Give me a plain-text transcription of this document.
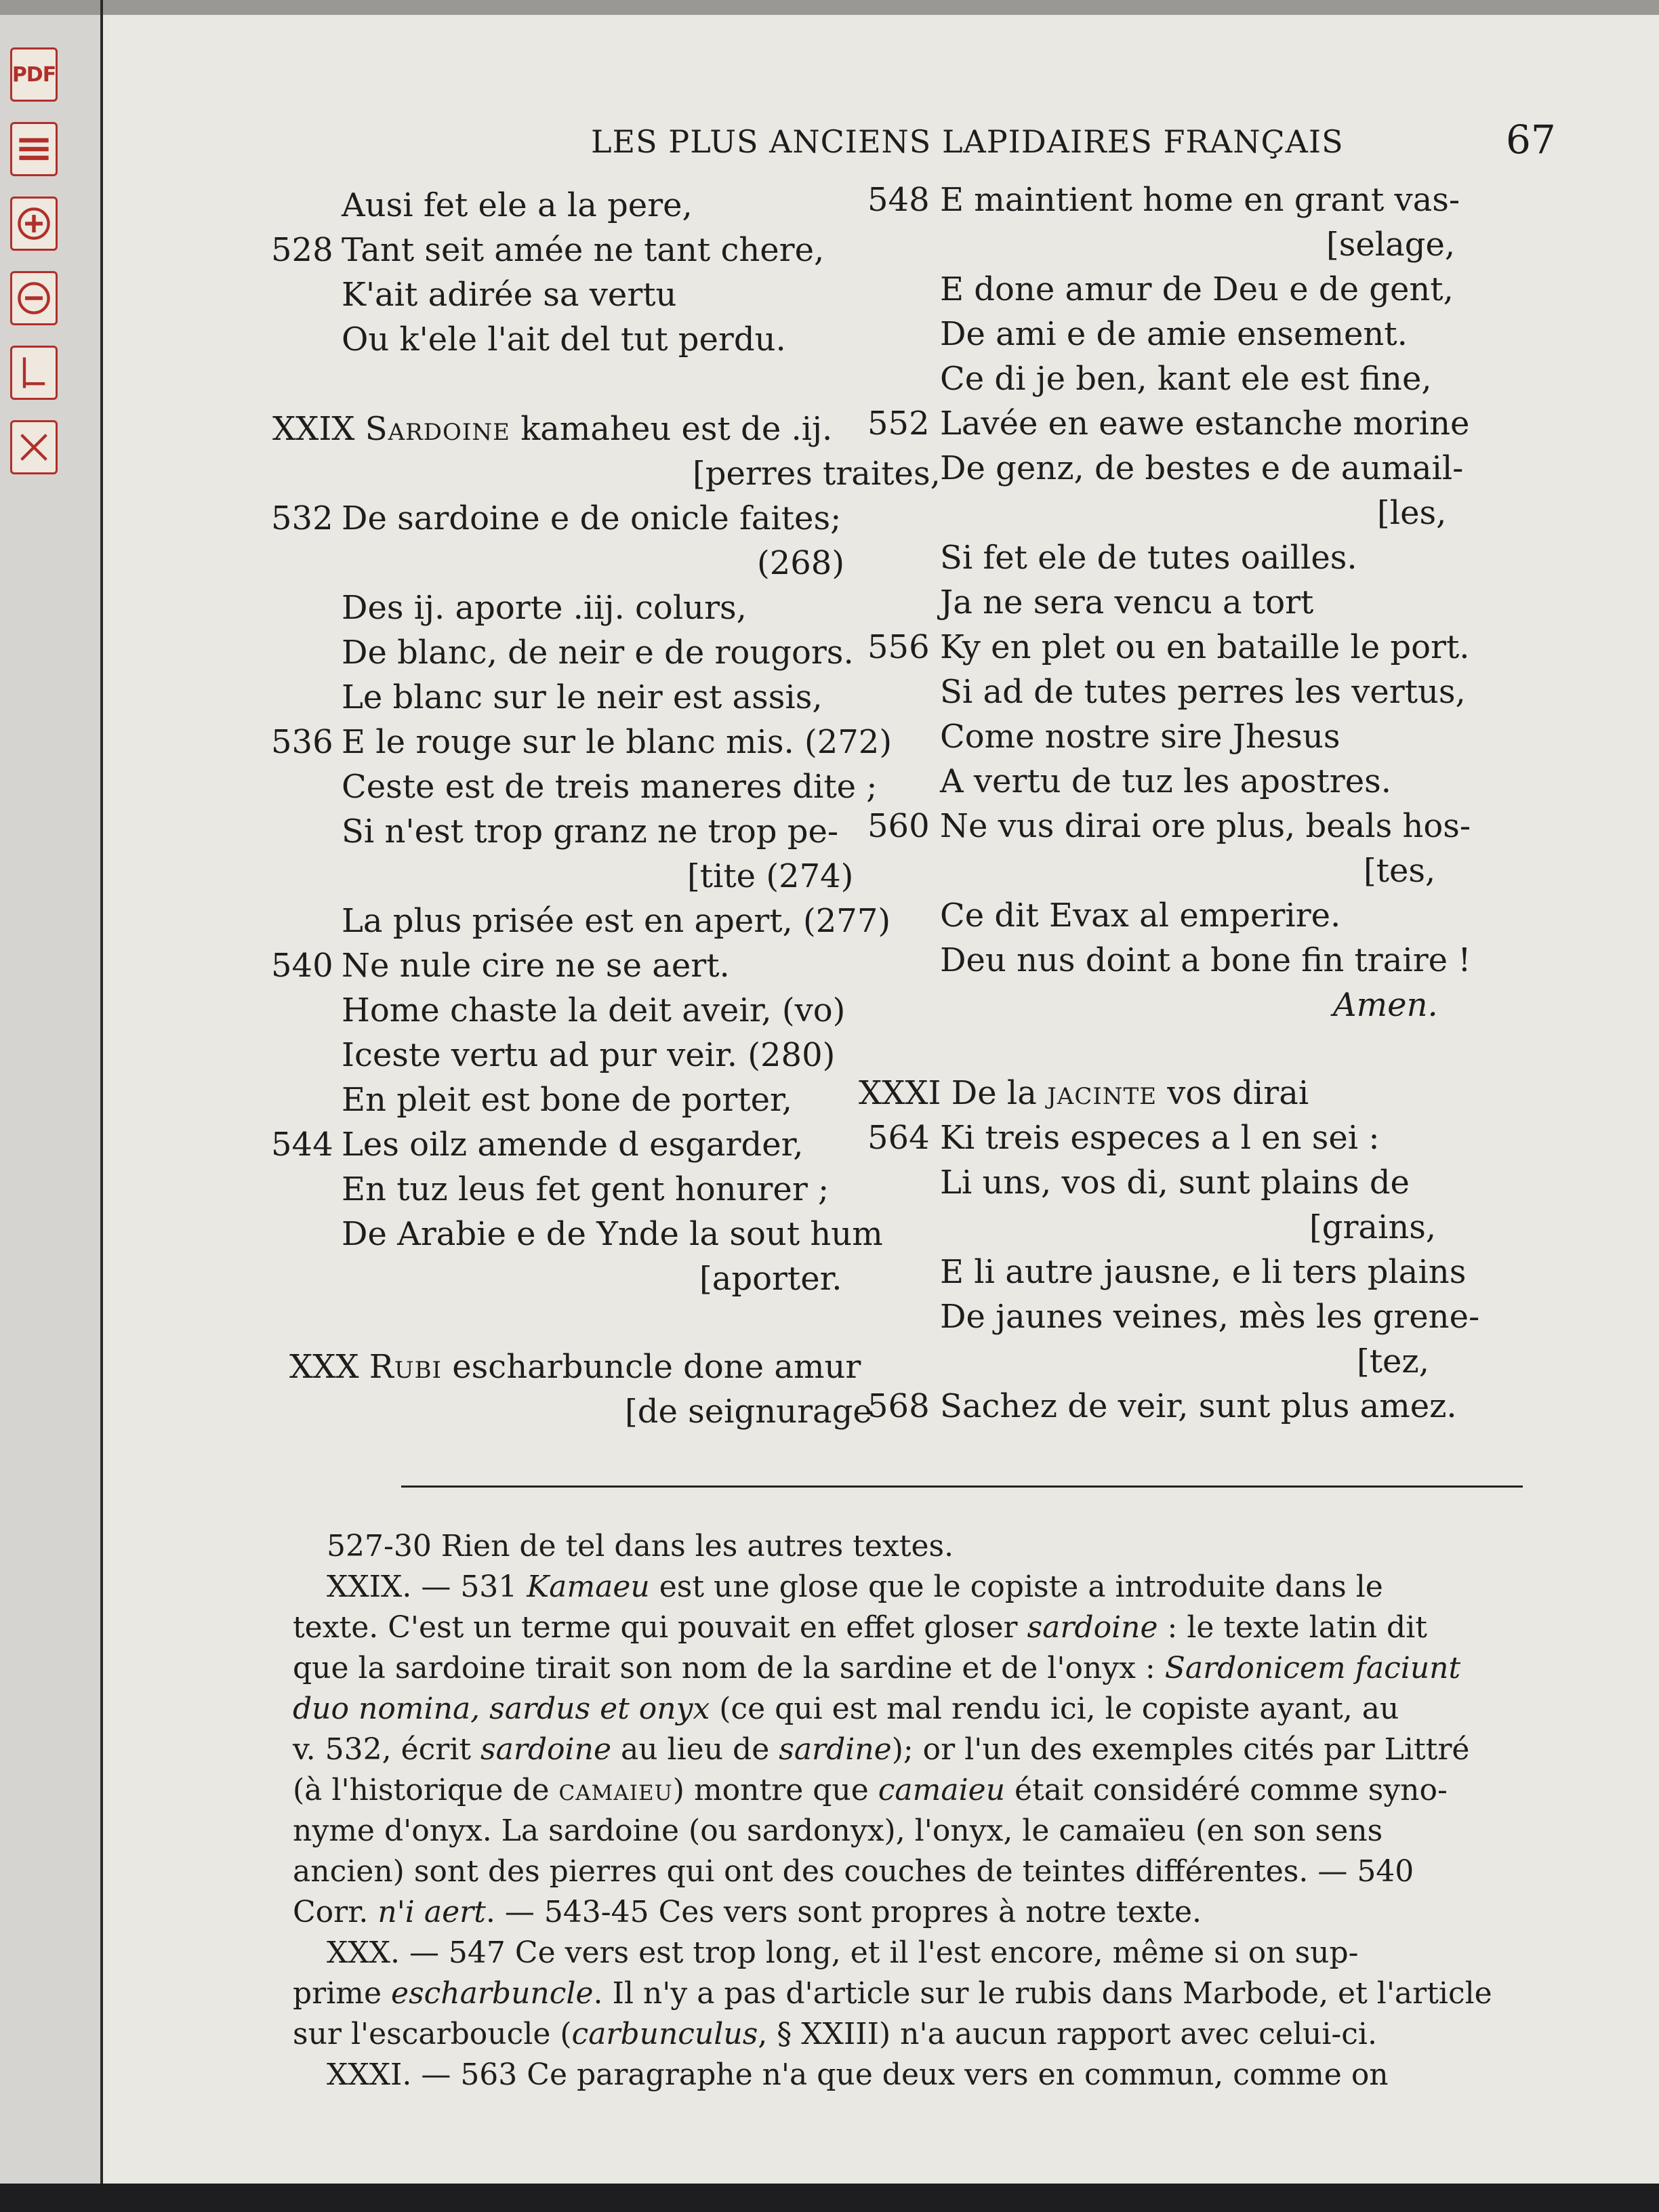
PDF
LES PLUS ANCIENS LAPIDAIRES FRANÇAIS	67
Ausi fet ele a la pere,
528 Tant seit amée ne tant chere,
K'ait adirée sa vertu
Ou k'ele l'ait del tut perdu.
XXIX Sardoine kamaheu est de .ij.
[perres traites,
532 De sardoine e de onicle faites;
(268)
Des ij. aporte .iij. colurs,
De blanc, de neir e de rougors.
Le blanc sur le neir est assis,
536 E le rouge sur le blanc mis. (272)
Ceste est de treis maneres dite ;
Si n'est trop granz ne trop pe-
[tite (274)
La plus prisée est en apert, (277)
540 Ne nule cire ne se aert.
Home chaste la deit aveir, (vo)
Iceste vertu ad pur veir. (280)
En pleit est bone de porter,
544 Les oilz amende d esgarder,
En tuz leus fet gent honurer ;
De Arabie e de Ynde la sout hum
[aporter.
XXX Rubi escharbuncle done amur
[de seignurage
548 E maintient home en grant vas-
[selage,
E done amur de Deu e de gent,
De ami e de amie ensement.
Ce di je ben, kant ele est fine,
552 Lavée en eawe estanche morine
De genz, de bestes e de aumail-
[les,
Si fet ele de tutes oailles.
Ja ne sera vencu a tort
556 Ky en plet ou en bataille le port.
Si ad de tutes perres les vertus,
Come nostre sire Jhesus
A vertu de tuz les apostres.
560 Ne vus dirai ore plus, beals hos-
[tes,
Ce dit Evax al emperire.
Deu nus doint a bone fin traire !
Amen.
XXXI De la jacinte vos dirai
564 Ki treis especes a l en sei :
Li uns, vos di, sunt plains de
[grains,
E li autre jausne, e li ters plains
De jaunes veines, mès les grene-
[tez,
568 Sachez de veir, sunt plus amez.
527-30 Rien de tel dans les autres textes.
XXIX. — 531 Kamaeu est une glose que le copiste a introduite dans le
texte. C'est un terme qui pouvait en effet gloser sardoine : le texte latin dit
que la sardoine tirait son nom de la sardine et de l'onyx : Sardonicem faciunt
duo nomina, sardus et onyx (ce qui est mal rendu ici, le copiste ayant, au
v. 532, écrit sardoine au lieu de sardine); or l'un des exemples cités par Littré
(à l'historique de camaieu) montre que camaieu était considéré comme syno-
nyme d'onyx. La sardoine (ou sardonyx), l'onyx, le camaïeu (en son sens
ancien) sont des pierres qui ont des couches de teintes différentes. — 540
Corr. n'i aert. — 543-45 Ces vers sont propres à notre texte.
XXX. — 547 Ce vers est trop long, et il l'est encore, même si on sup-
prime escharbuncle. Il n'y a pas d'article sur le rubis dans Marbode, et l'article
sur l'escarboucle (carbunculus, § XXIII) n'a aucun rapport avec celui-ci.
XXXI. — 563 Ce paragraphe n'a que deux vers en commun, comme on
